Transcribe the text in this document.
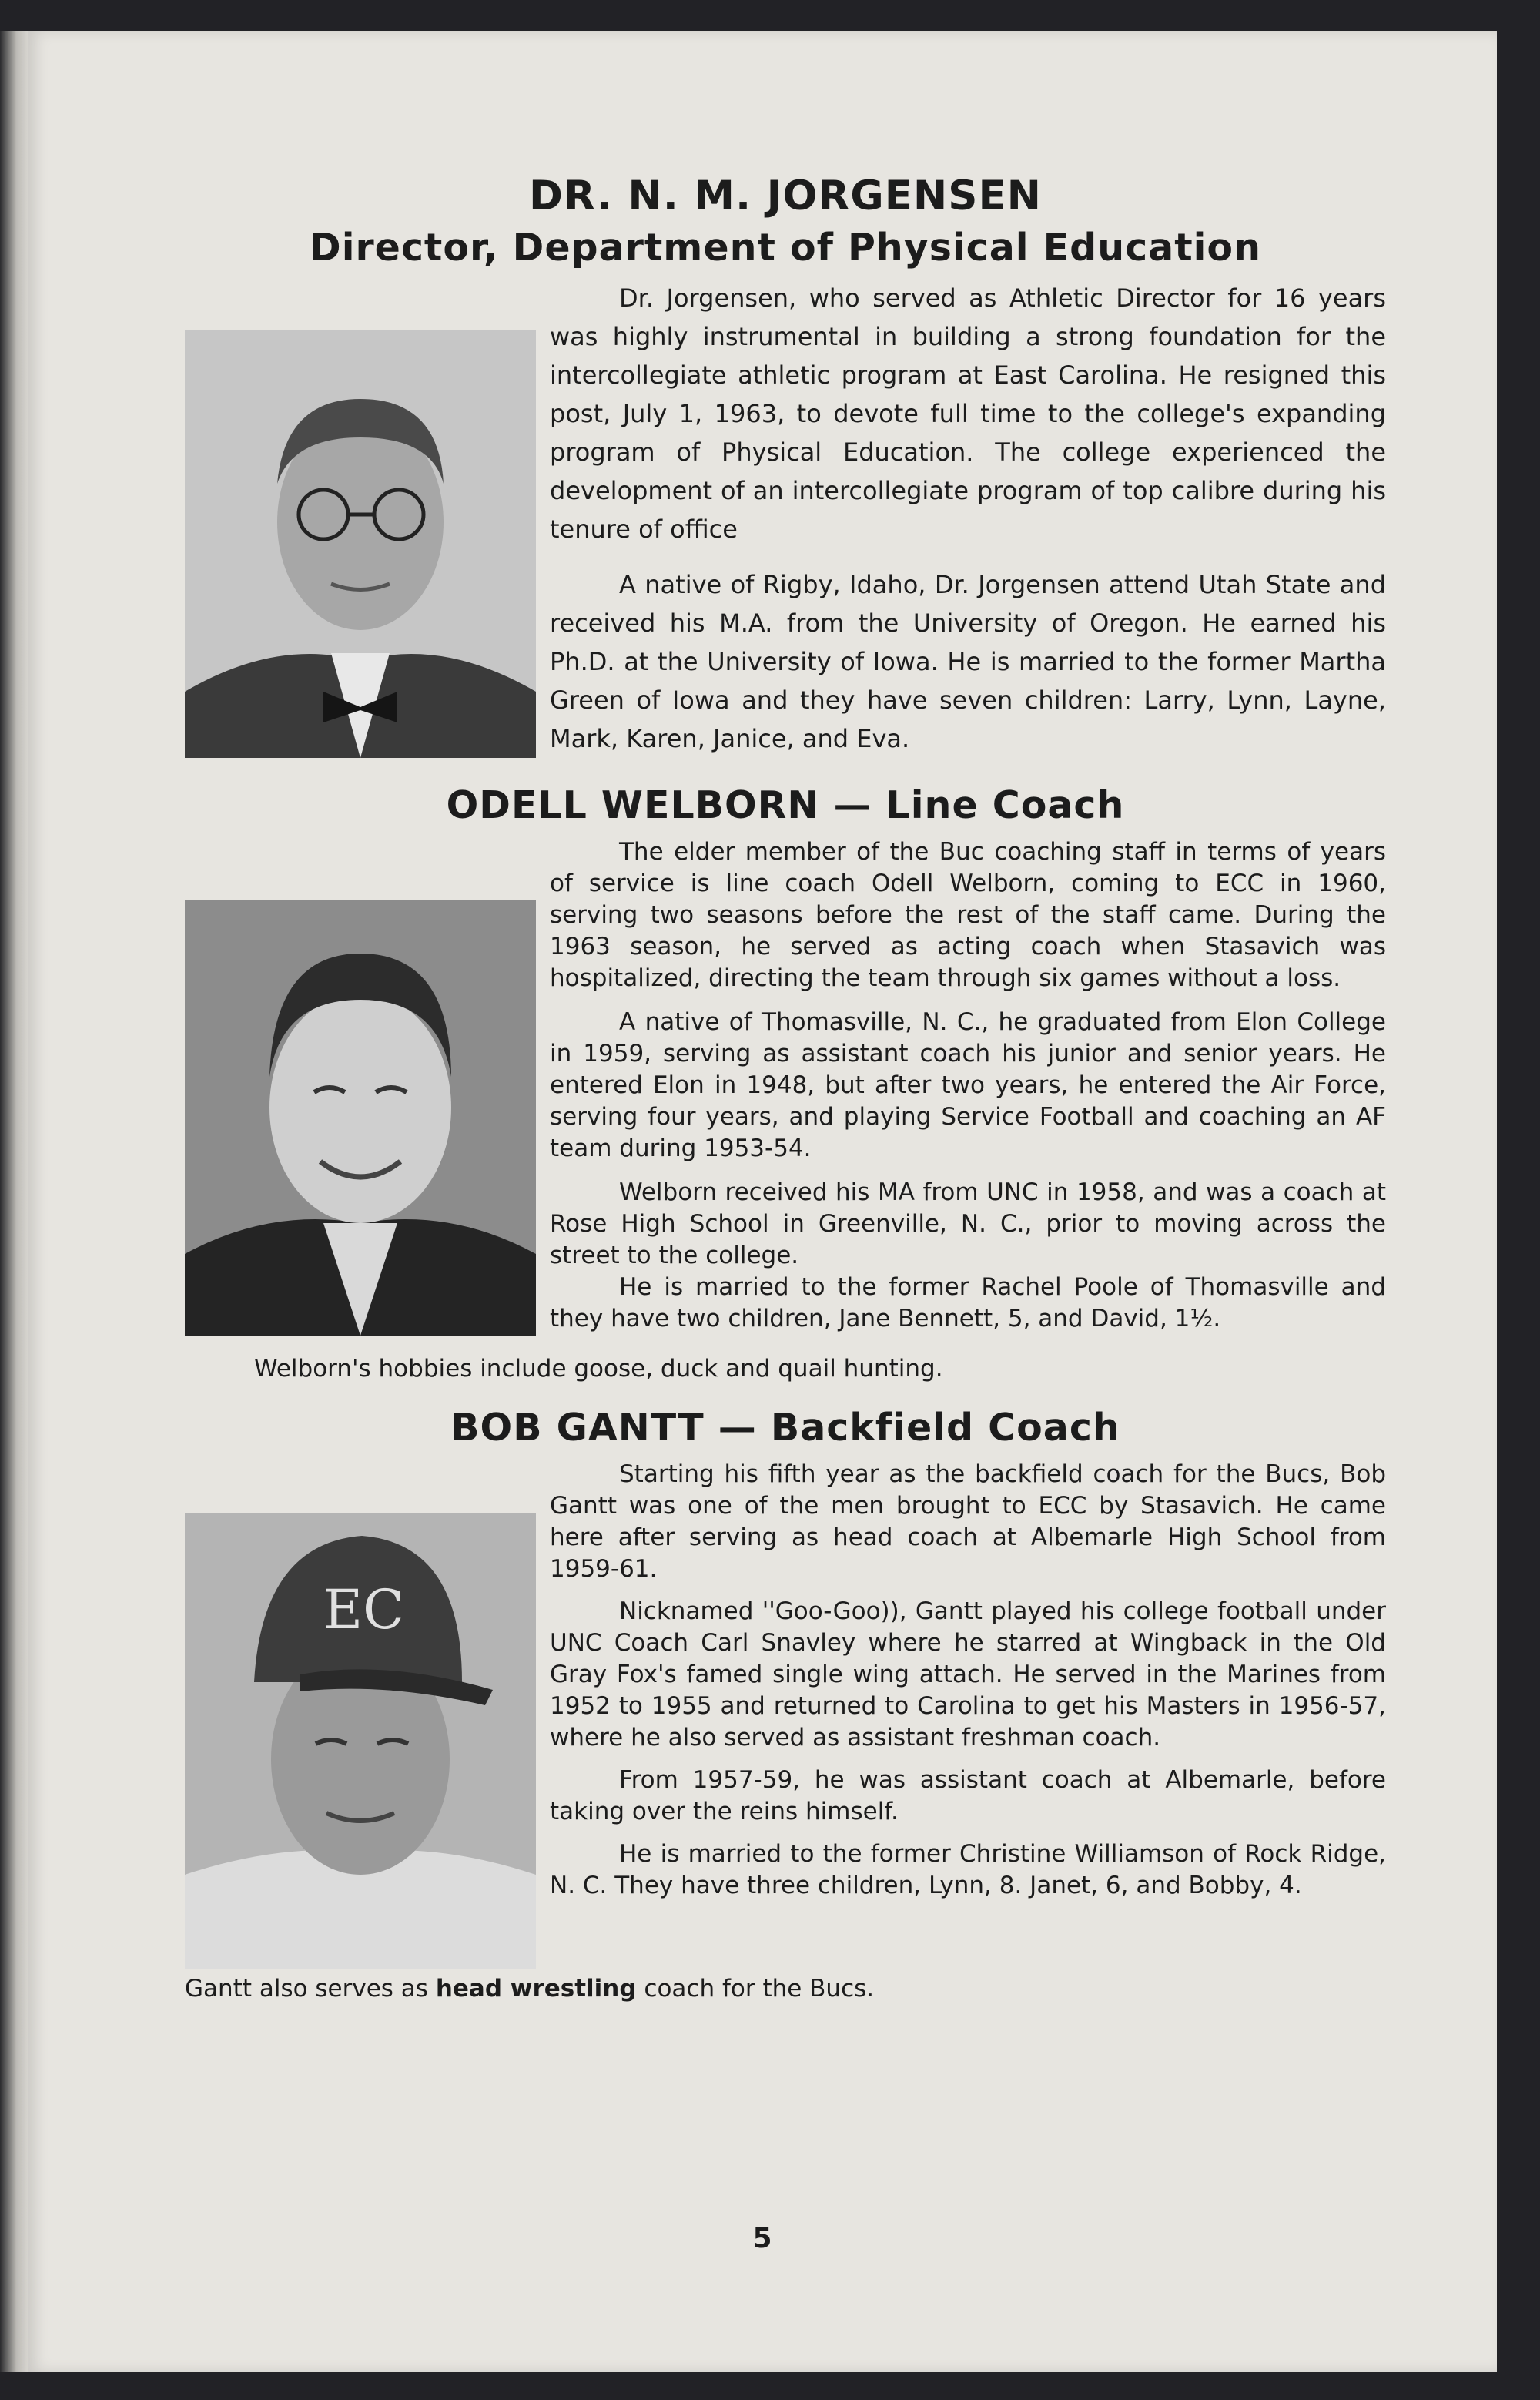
DR. N. M. JORGENSEN
Director, Department of Physical Education

Dr. Jorgensen, who served as Athletic Director for 16 years was highly instrumental in building a strong foundation for the intercollegiate athletic program at East Carolina. He resigned this post, July 1, 1963, to devote full time to the college's expanding program of Physical Education. The college experienced the development of an intercollegiate program of top calibre during his tenure of office

A native of Rigby, Idaho, Dr. Jorgensen attend Utah State and received his M.A. from the University of Oregon. He earned his Ph.D. at the University of Iowa. He is married to the former Martha Green of Iowa and they have seven children: Larry, Lynn, Layne, Mark, Karen, Janice, and Eva.

ODELL WELBORN — Line Coach

The elder member of the Buc coaching staff in terms of years of service is line coach Odell Welborn, coming to ECC in 1960, serving two seasons before the rest of the staff came. During the 1963 season, he served as acting coach when Stasavich was hospitalized, directing the team through six games without a loss.

A native of Thomasville, N. C., he graduated from Elon College in 1959, serving as assistant coach his junior and senior years. He entered Elon in 1948, but after two years, he entered the Air Force, serving four years, and playing Service Football and coaching an AF team during 1953-54.

Welborn received his MA from UNC in 1958, and was a coach at Rose High School in Greenville, N. C., prior to moving across the street to the college.

He is married to the former Rachel Poole of Thomasville and they have two children, Jane Bennett, 5, and David, 1½.

Welborn's hobbies include goose, duck and quail hunting.

BOB GANTT — Backfield Coach
EC

Starting his fifth year as the backfield coach for the Bucs, Bob Gantt was one of the men brought to ECC by Stasavich. He came here after serving as head coach at Albemarle High School from 1959-61.

Nicknamed ''Goo-Goo)), Gantt played his college football under UNC Coach Carl Snavley where he starred at Wingback in the Old Gray Fox's famed single wing attach. He served in the Marines from 1952 to 1955 and returned to Carolina to get his Masters in 1956-57, where he also served as assistant freshman coach.

From 1957-59, he was assistant coach at Albemarle, before taking over the reins himself.

He is married to the former Christine Williamson of Rock Ridge, N. C. They have three children, Lynn, 8. Janet, 6, and Bobby, 4.

Gantt also serves as head wrestling coach for the Bucs.

5
